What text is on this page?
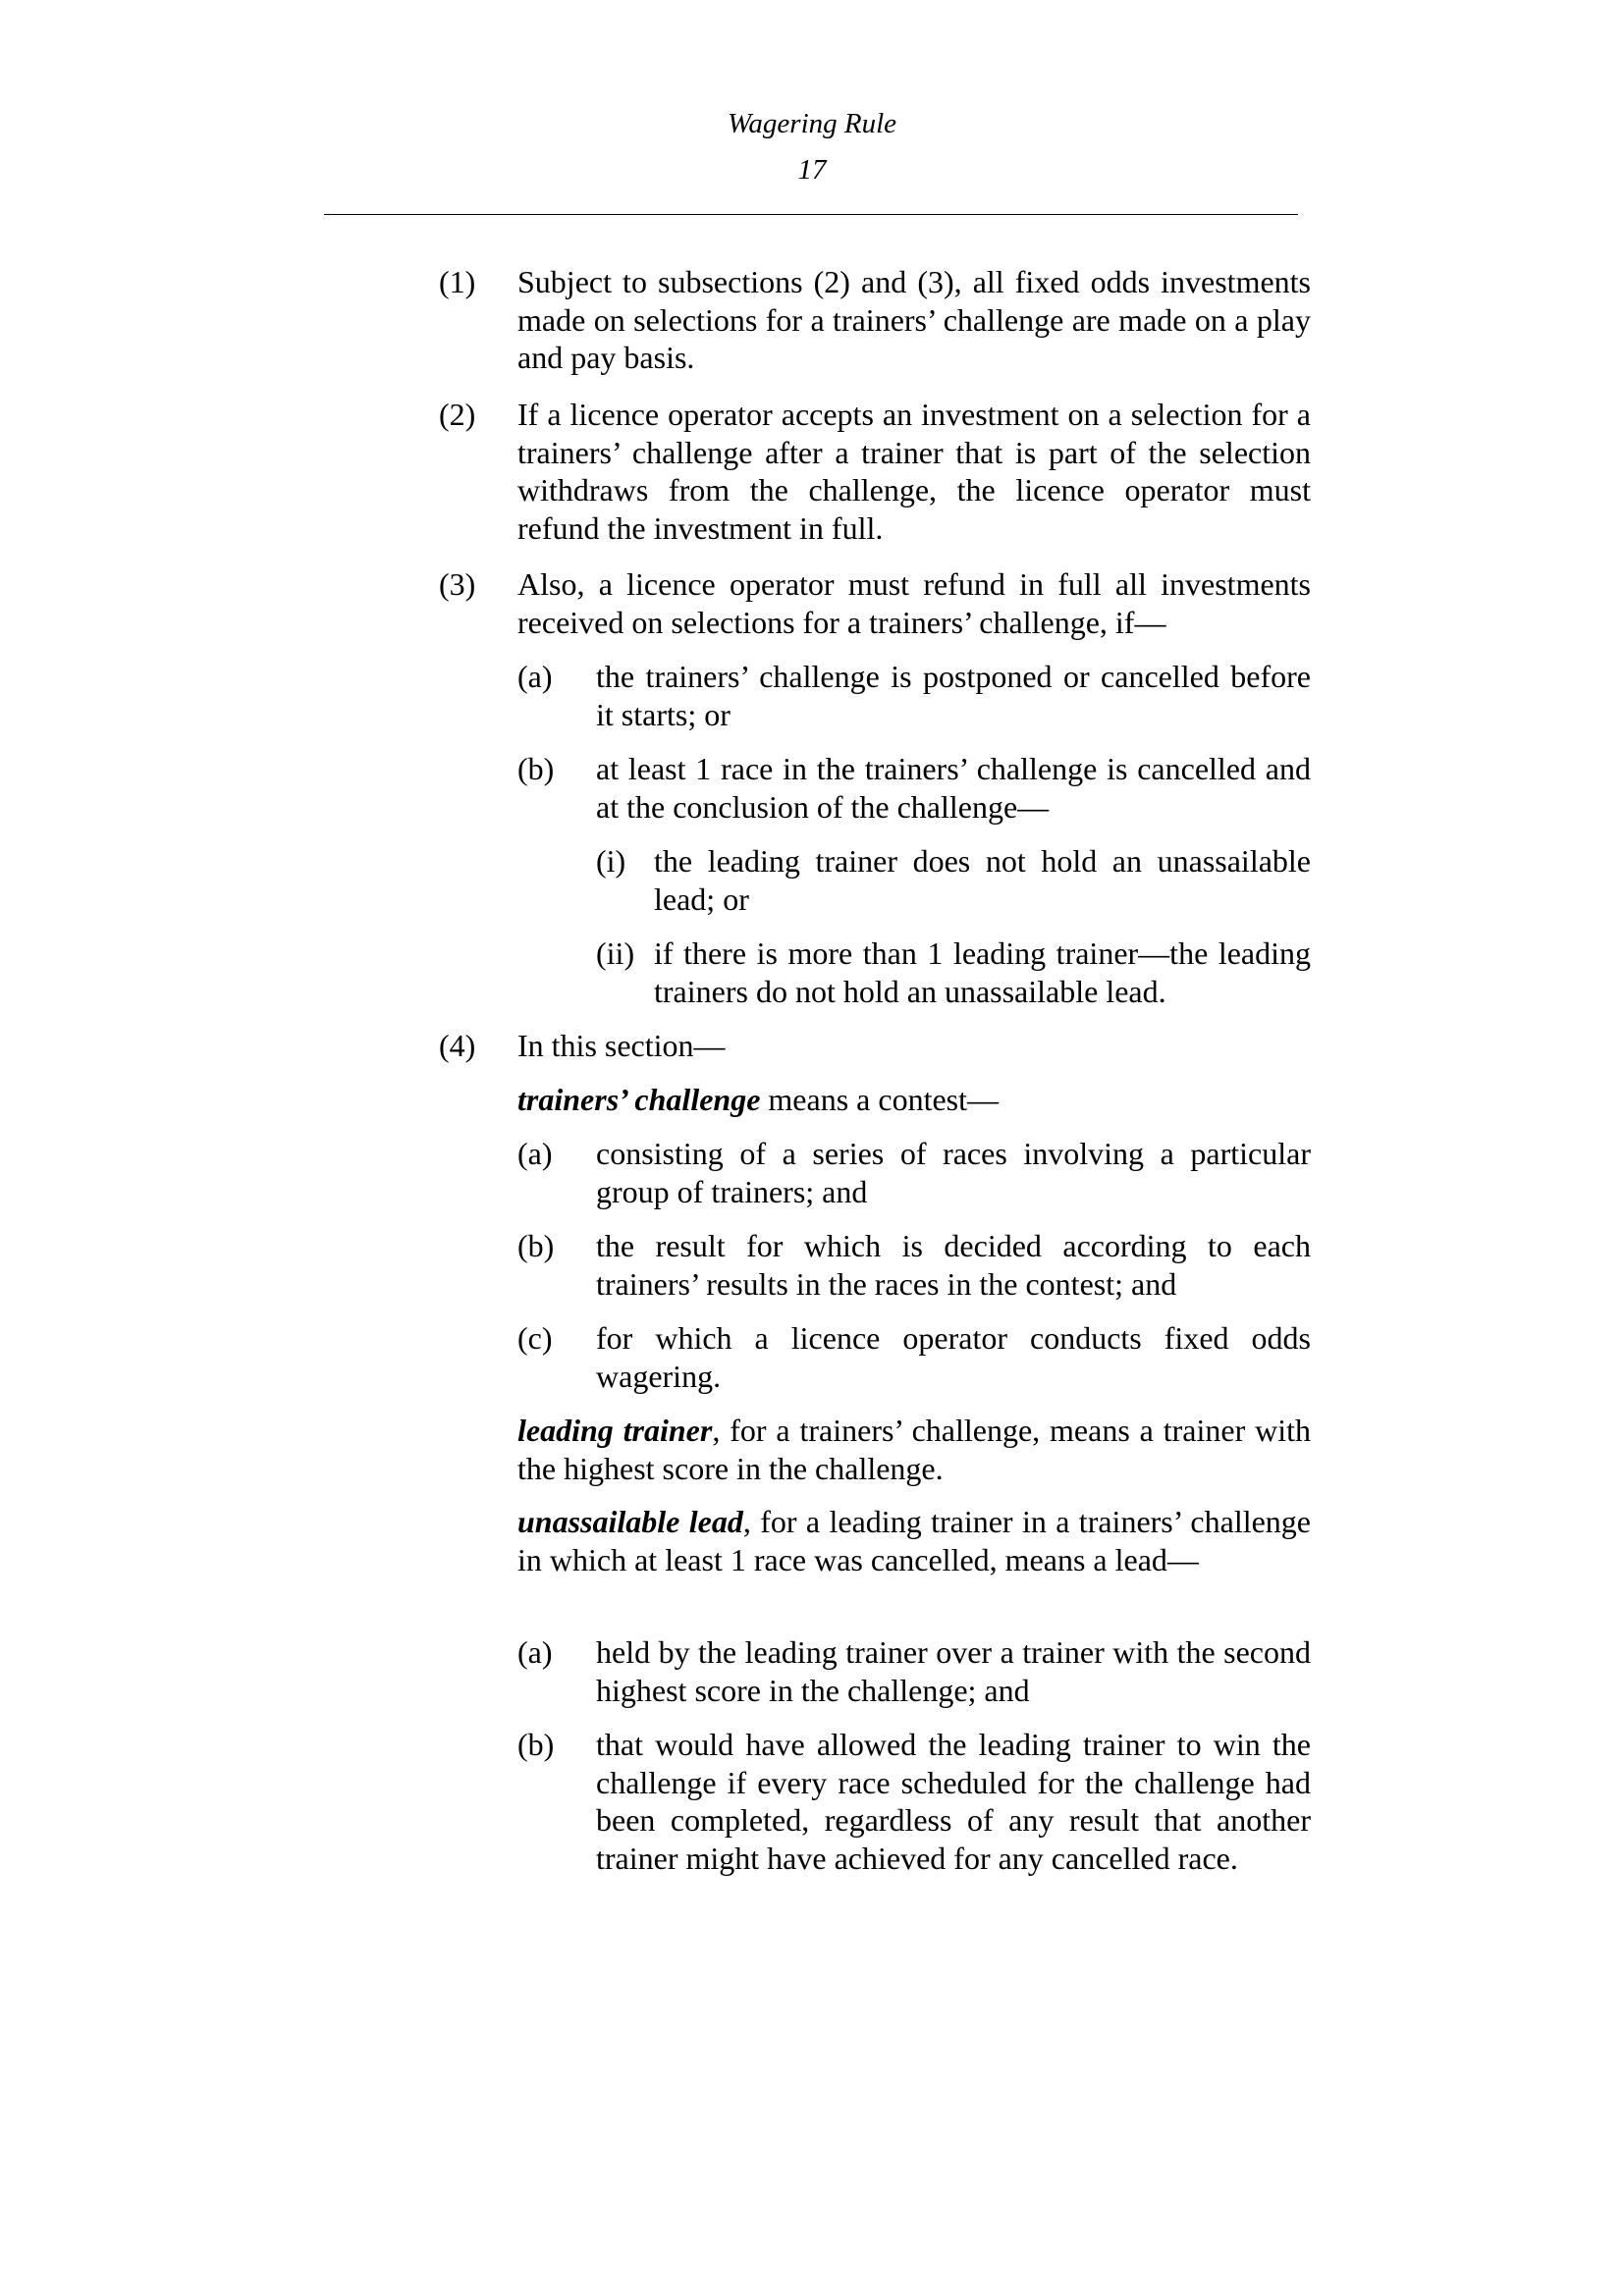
Wagering Rule
17
(1) Subject to subsections (2) and (3), all fixed odds investments made on selections for a trainers’ challenge are made on a play and pay basis.
(2) If a licence operator accepts an investment on a selection for a trainers’ challenge after a trainer that is part of the selection withdraws from the challenge, the licence operator must refund the investment in full.
(3) Also, a licence operator must refund in full all investments received on selections for a trainers’ challenge, if—
(a) the trainers’ challenge is postponed or cancelled before it starts; or
(b) at least 1 race in the trainers’ challenge is cancelled and at the conclusion of the challenge—
(i) the leading trainer does not hold an unassailable lead; or
(ii) if there is more than 1 leading trainer—the leading trainers do not hold an unassailable lead.
(4) In this section—
trainers’ challenge means a contest—
(a) consisting of a series of races involving a particular group of trainers; and
(b) the result for which is decided according to each trainers’ results in the races in the contest; and
(c) for which a licence operator conducts fixed odds wagering.
leading trainer, for a trainers’ challenge, means a trainer with the highest score in the challenge.
unassailable lead, for a leading trainer in a trainers’ challenge in which at least 1 race was cancelled, means a lead—
(a) held by the leading trainer over a trainer with the second highest score in the challenge; and
(b) that would have allowed the leading trainer to win the challenge if every race scheduled for the challenge had been completed, regardless of any result that another trainer might have achieved for any cancelled race.
